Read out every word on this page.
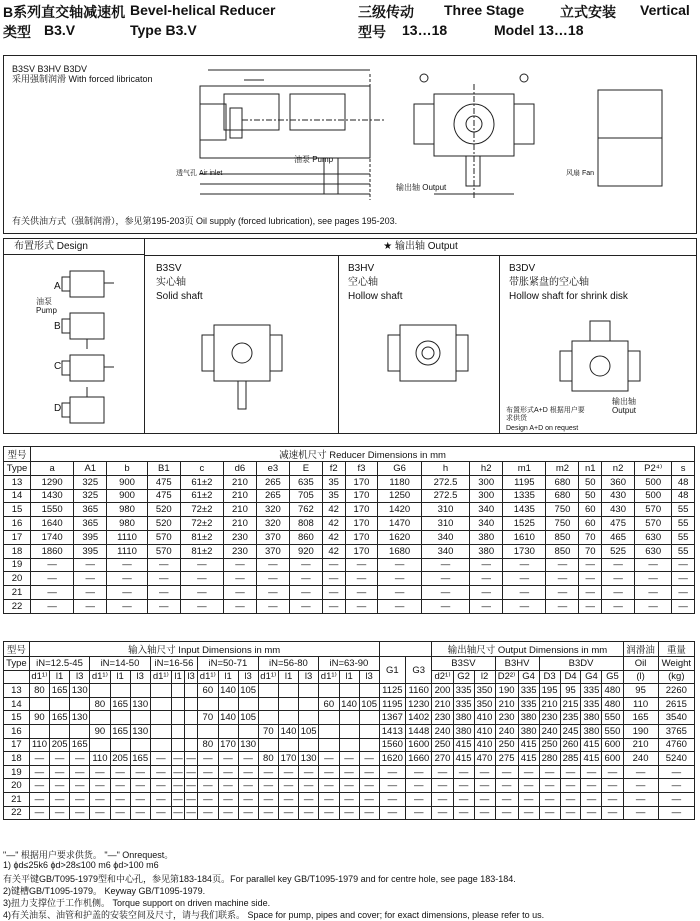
B系列直交轴减速机 Bevel-helical Reducer	三级传动 Three Stage	立式安装 Vertical
类型 B3.V	Type B3.V	型号 13…18	Model 13…18
B3SV B3HV B3DV
采用强制润滑 With forced libricaton
油泵 Pump
透气孔 Air inlet
输出轴 Output
风扇 Fan
有关供油方式（强制润滑），参见第195-203页 Oil supply (forced lubrication), see pages 195-203.
布置形式 Design	★ 输出轴 Output
油泵 Pump
A
B
C
D
B3SV
实心轴
Solid shaft
B3HV
空心轴
Hollow shaft
B3DV
带胀紧盘的空心轴
Hollow shaft for shrink disk
布置形式A+D 根据用户要求供货
Design A+D on request
输出轴 Output
型号	减速机尺寸 Reducer Dimensions in mm																		
Type	a	A1	b	B1	c	d6	e3	E	f2	f3	G6	h	h2	m1	m2	n1	n2	P2⁴⁾	s
13	1290	325	900	475	61±2	210	265	635	35	170	1180	272.5	300	1195	680	50	360	500	48
14	1430	325	900	475	61±2	210	265	705	35	170	1250	272.5	300	1335	680	50	430	500	48
15	1550	365	980	520	72±2	210	320	762	42	170	1420	310	340	1435	750	60	430	570	55
16	1640	365	980	520	72±2	210	320	808	42	170	1470	310	340	1525	750	60	475	570	55
17	1740	395	1110	570	81±2	230	370	860	42	170	1620	340	380	1610	850	70	465	630	55
18	1860	395	1110	570	81±2	230	370	920	42	170	1680	340	380	1730	850	70	525	630	55
19	—	—	—	—	—	—	—	—	—	—	—	—	—	—	—	—	—	—	—
20	—	—	—	—	—	—	—	—	—	—	—	—	—	—	—	—	—	—	—
21	—	—	—	—	—	—	—	—	—	—	—	—	—	—	—	—	—	—	—
22	—	—	—	—	—	—	—	—	—	—	—	—	—	—	—	—	—	—	—
型号	输入轴尺寸 Input Dimensions in mm																				输出轴尺寸 Output Dimensions in mm									润滑油	重量
Type	iN=12.5-45			iN=14-50			iN=16-56			iN=50-71			iN=56-80			iN=63-90			G1	G3	B3SV			B3HV		B3DV				Oil	Weight
	d1¹⁾	l1	l3	d1¹⁾	l1	l3	d1¹⁾	l1	l3	d1¹⁾	l1	l3	d1¹⁾	l1	l3	d1¹⁾	l1	l3			d2¹⁾	G2	l2	D2²⁾	G4	D3	D4	G4	G5	(l)	(kg)
13	80	165	130							60	140	105							1125	1160	200	335	350	190	335	195	95	335	480	95	2260
14				80	165	130										60	140	105	1195	1230	210	335	350	210	335	210	215	335	480	110	2615
15	90	165	130							70	140	105							1367	1402	230	380	410	230	380	230	235	380	550	165	3540
16				90	165	130							70	140	105				1413	1448	240	380	410	240	380	240	245	380	550	190	3765
17	110	205	165							80	170	130							1560	1600	250	415	410	250	415	250	260	415	600	210	4760
18	—	—	—	110	205	165	—	—	—	—	—	—	80	170	130	—	—	—	1620	1660	270	415	470	275	415	280	285	415	600	240	5240
19	—	—	—	—	—	—	—	—	—	—	—	—	—	—	—	—	—	—	—	—	—	—	—	—	—	—	—	—	—	—	—
20	—	—	—	—	—	—	—	—	—	—	—	—	—	—	—	—	—	—	—	—	—	—	—	—	—	—	—	—	—	—	—
21	—	—	—	—	—	—	—	—	—	—	—	—	—	—	—	—	—	—	—	—	—	—	—	—	—	—	—	—	—	—	—
22	—	—	—	—	—	—	—	—	—	—	—	—	—	—	—	—	—	—	—	—	—	—	—	—	—	—	—	—	—	—	—
"—" 根据用户要求供货。 "—" Onrequest。
1) ϕd≤25k6 ϕd>28≤100 m6 ϕd>100 m6
有关平键GB/T095-1979型和中心孔，参见第183-184页。For parallel key GB/T1095-1979 and for centre hole, see page 183-184.
2)键槽GB/T1095-1979。 Keyway GB/T1095-1979.
3)扭力支撑位于工作机侧。 Torque support on driven machine side.
4)有关油泵、油管和护盖的安装空间及尺寸，请与我们联系。 Space for pump, pipes and cover; for exact dimensions, please refer to us.
